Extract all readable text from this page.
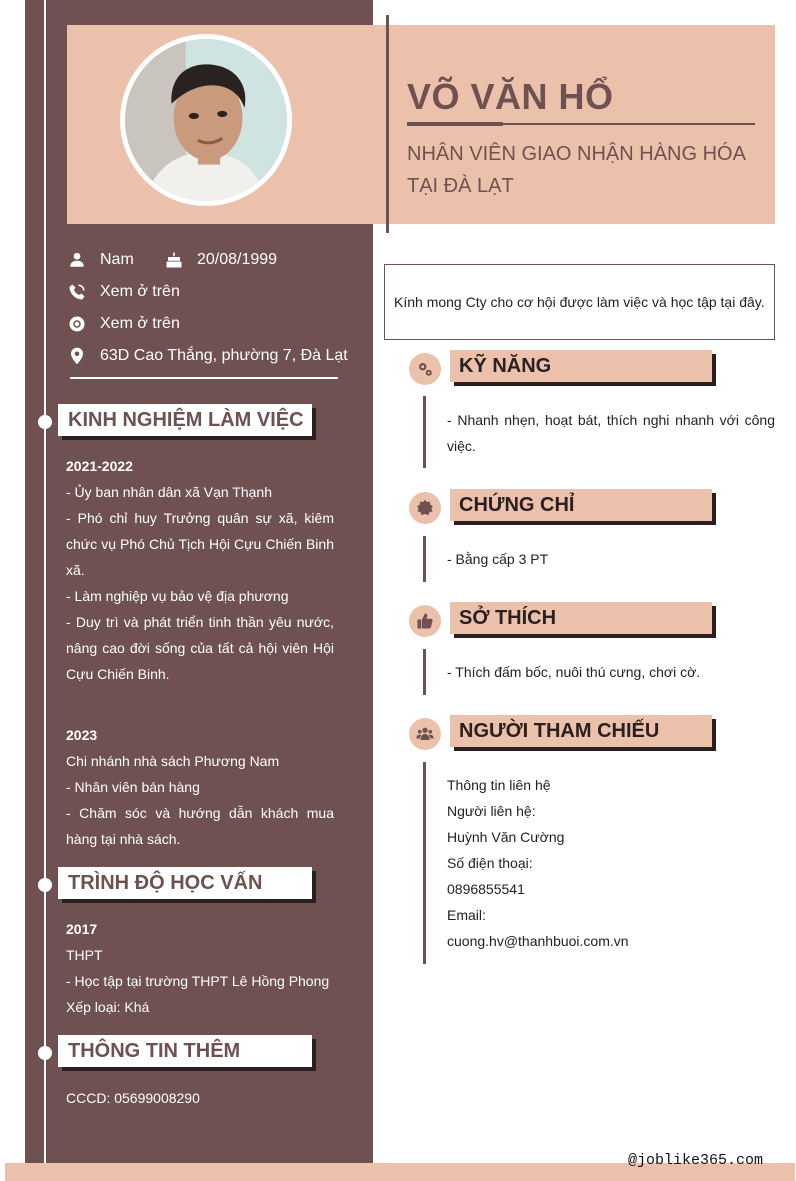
VÕ VĂN HỔ
NHÂN VIÊN GIAO NHẬN HÀNG HÓA TẠI ĐÀ LẠT
Nam	20/08/1999
Xem ở trên
Xem ở trên
63D Cao Thắng, phường 7, Đà Lạt
KINH NGHIỆM LÀM VIỆC
2021-2022
- Ủy ban nhân dân xã Vạn Thạnh
- Phó chỉ huy Trưởng quân sự xã, kiêm chức vụ Phó Chủ Tịch Hội Cựu Chiến Binh xã.
- Làm nghiệp vụ bảo vệ địa phương
- Duy trì và phát triển tinh thần yêu nước, nâng cao đời sống của tất cả hội viên Hội Cựu Chiến Binh.
2023
Chi nhánh nhà sách Phương Nam
- Nhân viên bán hàng
- Chăm sóc và hướng dẫn khách mua hàng tại nhà sách.
TRÌNH ĐỘ HỌC VẤN
2017
THPT
- Học tập tại trường THPT Lê Hồng Phong
Xếp loại: Khá
THÔNG TIN THÊM
CCCD: 05699008290
Kính mong Cty cho cơ hội được làm việc và học tập tại đây.
KỸ NĂNG
- Nhanh nhẹn, hoạt bát, thích nghi nhanh với công việc.
CHỨNG CHỈ
- Bằng cấp 3 PT
SỞ THÍCH
- Thích đấm bốc, nuôi thú cưng, chơi cờ.
NGƯỜI THAM CHIẾU
Thông tin liên hệ
Người liên hệ:
Huỳnh Văn Cường
Số điện thoại:
0896855541
Email:
cuong.hv@thanhbuoi.com.vn
@joblike365.com
